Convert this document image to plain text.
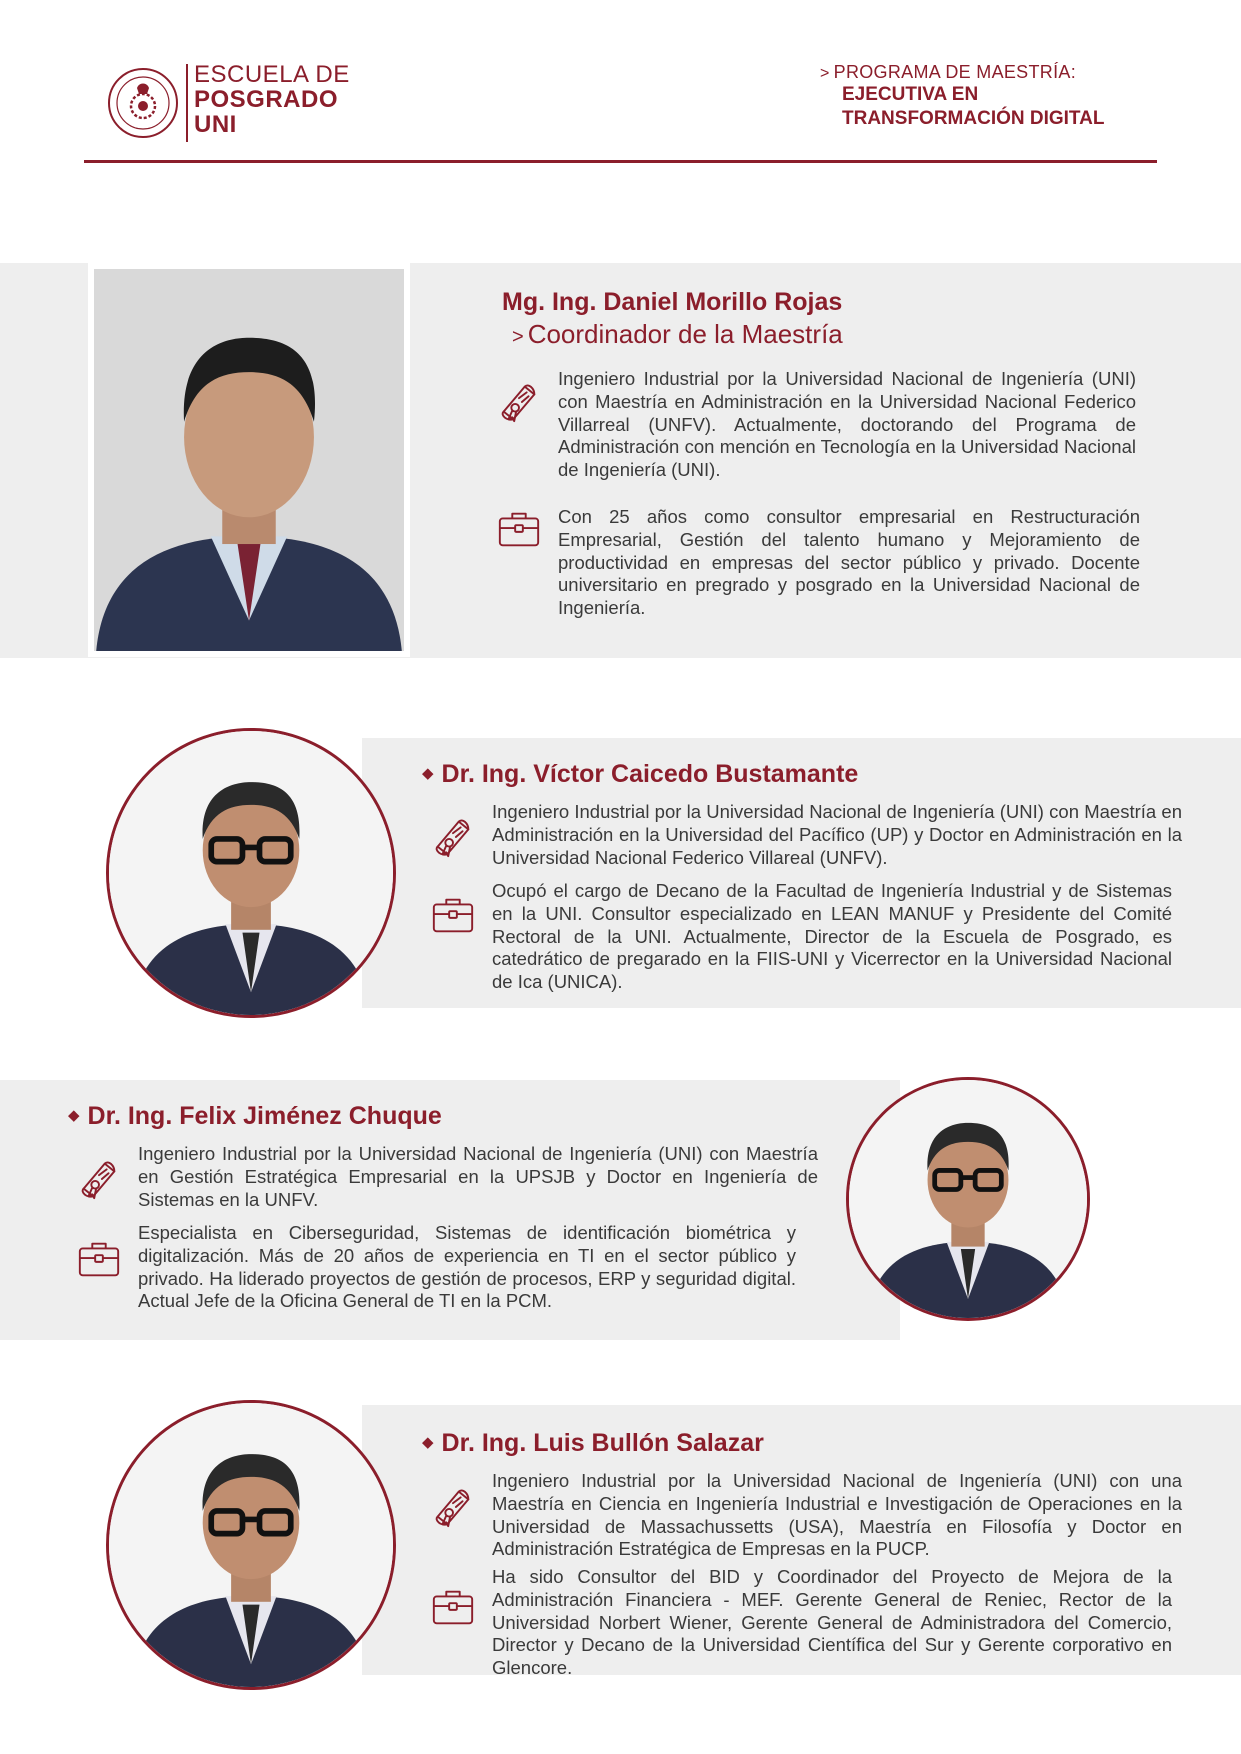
ESCUELA DE
POSGRADO
UNI
> PROGRAMA DE MAESTRÍA:
EJECUTIVA EN
TRANSFORMACIÓN DIGITAL
Mg. Ing. Daniel Morillo Rojas
> Coordinador de la Maestría
Ingeniero Industrial por la Universidad Nacional de Ingeniería (UNI) con Maestría en Administración en la Universidad Nacional Federico Villarreal (UNFV). Actualmente, doctorando del Programa de Administración con mención en Tecnología en la Universidad Nacional de Ingeniería (UNI).
Con 25 años como consultor empresarial en Restructuración Empresarial, Gestión del talento humano y Mejoramiento de productividad en empresas del sector público y privado. Docente universitario en pregrado y posgrado en la Universidad Nacional de Ingeniería.
◆ Dr. Ing. Víctor Caicedo Bustamante
Ingeniero Industrial por la Universidad Nacional de Ingeniería (UNI) con Maestría en Administración en la Universidad del Pacífico (UP) y Doctor en Administración en la Universidad Nacional Federico Villareal (UNFV).
Ocupó el cargo de Decano de la Facultad de Ingeniería Industrial y de Sistemas en la UNI. Consultor especializado en LEAN MANUF y Presidente del Comité Rectoral de la UNI. Actualmente, Director de la Escuela de Posgrado, es catedrático de pregarado en la FIIS-UNI y Vicerrector en la Universidad Nacional de Ica (UNICA).
◆ Dr. Ing. Felix Jiménez Chuque
Ingeniero Industrial por la Universidad Nacional de Ingeniería (UNI) con Maestría en Gestión Estratégica Empresarial en la UPSJB y Doctor en Ingeniería de Sistemas en la UNFV.
Especialista en Ciberseguridad, Sistemas de identificación biométrica y digitalización. Más de 20 años de experiencia en TI en el sector público y privado. Ha liderado proyectos de gestión de procesos, ERP y seguridad digital. Actual Jefe de la Oficina General de TI en la PCM.
◆ Dr. Ing. Luis Bullón Salazar
Ingeniero Industrial por la Universidad Nacional de Ingeniería (UNI) con una Maestría en Ciencia en Ingeniería Industrial e Investigación de Operaciones en la Universidad de Massachussetts (USA), Maestría en Filosofía y Doctor en Administración Estratégica de Empresas en la PUCP.
Ha sido Consultor del BID y Coordinador del Proyecto de Mejora de la Administración Financiera - MEF. Gerente General de Reniec, Rector de la Universidad Norbert Wiener, Gerente General de Administradora del Comercio, Director y Decano de la Universidad Científica del Sur y Gerente corporativo en Glencore.
